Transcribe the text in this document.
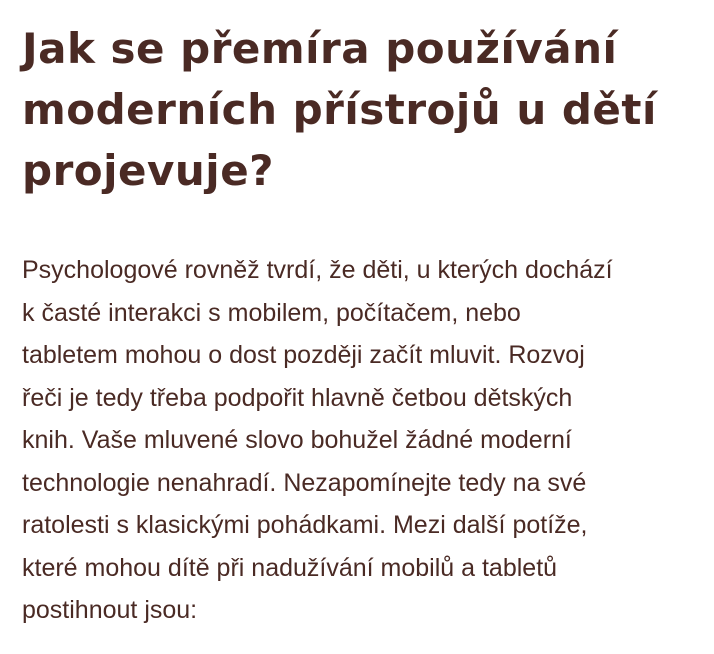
Jak se přemíra používání
moderních přístrojů u dětí
projevuje?

Psychologové rovněž tvrdí, že děti, u kterých dochází
k časté interakci s mobilem, počítačem, nebo
tabletem mohou o dost později začít mluvit. Rozvoj
řeči je tedy třeba podpořit hlavně četbou dětských
knih. Vaše mluvené slovo bohužel žádné moderní
technologie nenahradí. Nezapomínejte tedy na své
ratolesti s klasickými pohádkami. Mezi další potíže,
které mohou dítě při nadužívání mobilů a tabletů
postihnout jsou:
